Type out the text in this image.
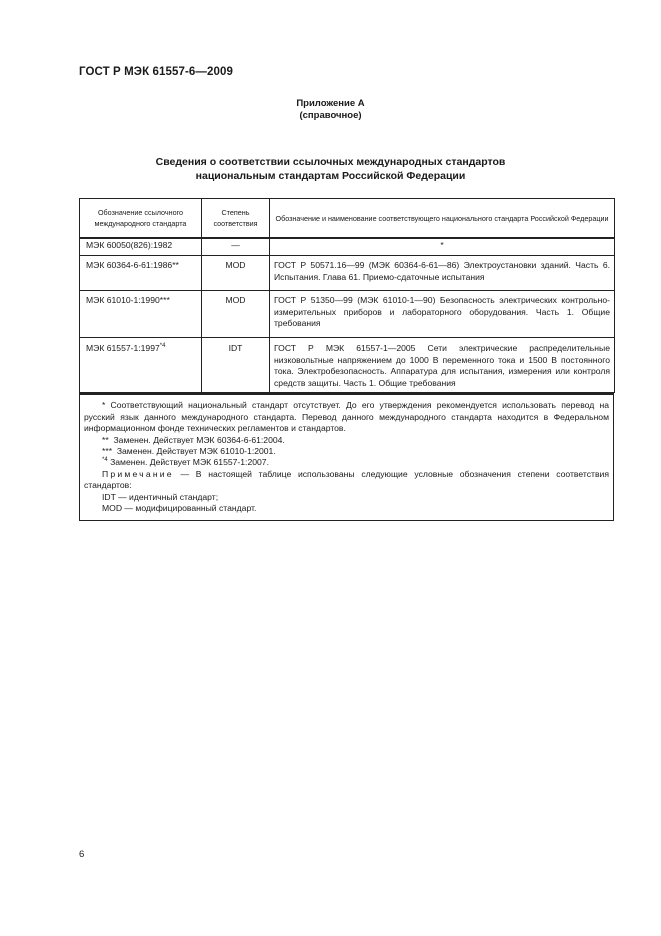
ГОСТ Р МЭК 61557-6—2009
Приложение А
(справочное)
Сведения о соответствии ссылочных международных стандартов
национальным стандартам Российской Федерации
Обозначение ссылочного международного стандарта	Степень соответствия	Обозначение и наименование соответствующего национального стандарта Российской Федерации

МЭК 60050(826):1982	—	*
МЭК 60364-6-61:1986**	MOD	ГОСТ Р 50571.16—99 (МЭК 60364-6-61—86) Электроустановки зданий. Часть 6. Испытания. Глава 61. Приемо-сдаточные испытания
МЭК 61010-1:1990***	MOD	ГОСТ Р 51350—99 (МЭК 61010-1—90) Безопасность электрических контрольно-измерительных приборов и лабораторного оборудования. Часть 1. Общие требования
МЭК 61557-1:1997$^{*4}$	IDT	ГОСТ Р МЭК 61557-1—2005 Сети электрические распределительные низковольтные напряжением до 1000 В переменного тока и 1500 В постоянного тока. Электробезопасность. Аппаратура для испытания, измерения или контроля средств защиты. Часть 1. Общие требования

* Соответствующий национальный стандарт отсутствует. До его утверждения рекомендуется использовать перевод на русский язык данного международного стандарта. Перевод данного международного стандарта находится в Федеральном информационном фонде технических регламентов и стандартов.

** Заменен. Действует МЭК 60364-6-61:2004.

*** Заменен. Действует МЭК 61010-1:2001.

$^{*4}$ Заменен. Действует МЭК 61557-1:2007.

Примечание — В настоящей таблице использованы следующие условные обозначения степени соответствия стандартов:

IDT — идентичный стандарт;

MOD — модифицированный стандарт.

6
